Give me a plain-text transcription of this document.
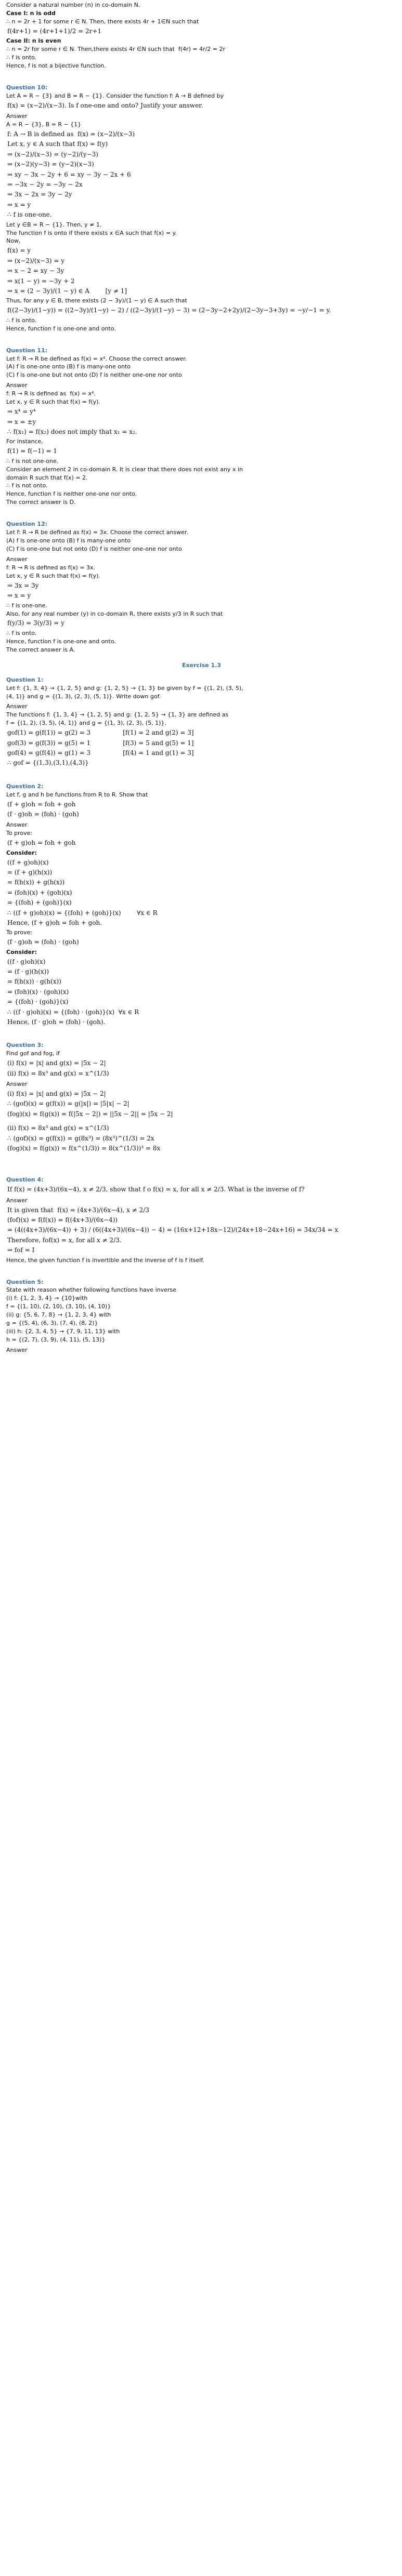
Consider a natural number (n) in co-domain N.

Case I: n is odd

∴ n = 2r + 1 for some r ∈ N. Then, there exists 4r + 1∈N such that

f(4r+1) = (4r+1+1)/2 = 2r+1

Case II: n is even

∴ n = 2r for some r ∈ N. Then,there exists 4r ∈N such that  f(4r) = 4r/2 = 2r

∴ f is onto.

Hence, f is not a bijective function.

Question 10:

Let A = R − {3} and B = R − {1}. Consider the function f: A → B defined by

f(x) = (x−2)/(x−3). Is f one-one and onto? Justify your answer.

Answer

A = R − {3}, B = R − {1}

f: A → B is defined as  f(x) = (x−2)/(x−3)

Let x, y ∈ A such that f(x) = f(y)

⇒ (x−2)/(x−3) = (y−2)/(y−3)

⇒ (x−2)(y−3) = (y−2)(x−3)

⇒ xy − 3x − 2y + 6 = xy − 3y − 2x + 6

⇒ −3x − 2y = −3y − 2x

⇒ 3x − 2x = 3y − 2y

⇒ x = y

∴ f is one-one.

Let y ∈B = R − {1}. Then, y ≠ 1.

The function f is onto if there exists x ∈A such that f(x) = y.

Now,

f(x) = y

⇒ (x−2)/(x−3) = y

⇒ x − 2 = xy − 3y

⇒ x(1 − y) = −3y + 2

⇒ x = (2 − 3y)/(1 − y) ∈ A        [y ≠ 1]

Thus, for any y ∈ B, there exists (2 − 3y)/(1 − y) ∈ A such that

f((2−3y)/(1−y)) = ((2−3y)/(1−y) − 2) / ((2−3y)/(1−y) − 3) = (2−3y−2+2y)/(2−3y−3+3y) = −y/−1 = y.

∴ f is onto.

Hence, function f is one-one and onto.

Question 11:

Let f: R → R be defined as f(x) = x⁴. Choose the correct answer.

(A) f is one-one onto (B) f is many-one onto

(C) f is one-one but not onto (D) f is neither one-one nor onto

Answer

f: R → R is defined as  f(x) = x⁴.

Let x, y ∈ R such that f(x) = f(y).

⇒ x⁴ = y⁴

⇒ x = ±y

∴ f(x₁) = f(x₂) does not imply that x₁ = x₂.

For instance,

f(1) = f(−1) = 1

∴ f is not one-one.

Consider an element 2 in co-domain R. It is clear that there does not exist any x in

domain R such that f(x) = 2.

∴ f is not onto.

Hence, function f is neither one-one nor onto.

The correct answer is D.

Question 12:

Let f: R → R be defined as f(x) = 3x. Choose the correct answer.

(A) f is one-one onto (B) f is many-one onto

(C) f is one-one but not onto (D) f is neither one-one nor onto

Answer

f: R → R is defined as f(x) = 3x.

Let x, y ∈ R such that f(x) = f(y).

⇒ 3x = 3y

⇒ x = y

∴ f is one-one.

Also, for any real number (y) in co-domain R, there exists y/3 in R such that

f(y/3) = 3(y/3) = y

∴ f is onto.

Hence, function f is one-one and onto.

The correct answer is A.

Exercise 1.3

Question 1:

Let f: {1, 3, 4} → {1, 2, 5} and g: {1, 2, 5} → {1, 3} be given by f = {(1, 2), (3, 5),

(4, 1)} and g = {(1, 3), (2, 3), (5, 1)}. Write down gof.

Answer

The functions f: {1, 3, 4} → {1, 2, 5} and g: {1, 2, 5} → {1, 3} are defined as

f = {(1, 2), (3, 5), (4, 1)} and g = {(1, 3), (2, 3), (5, 1)}.

gof(1) = g(f(1)) = g(2) = 3

gof(3) = g(f(3)) = g(5) = 1

gof(4) = g(f(4)) = g(1) = 3

∴ gof = {(1,3),(3,1),(4,3)}

[f(1) = 2 and g(2) = 3]

[f(3) = 5 and g(5) = 1]

[f(4) = 1 and g(1) = 3]

Question 2:

Let f, g and h be functions from R to R. Show that

(f + g)oh = foh + goh

(f · g)oh = (foh) · (goh)

Answer

To prove:

(f + g)oh = foh + goh

Consider:

((f + g)oh)(x)

= (f + g)(h(x))

= f(h(x)) + g(h(x))

= (foh)(x) + (goh)(x)

= {(foh) + (goh)}(x)

∴ ((f + g)oh)(x) = {(foh) + (goh)}(x)        ∀x ∈ R

Hence, (f + g)oh = foh + goh.

To prove:

(f · g)oh = (foh) · (goh)

Consider:

((f · g)oh)(x)

= (f · g)(h(x))

= f(h(x)) · g(h(x))

= (foh)(x) · (goh)(x)

= {(foh) · (goh)}(x)

∴ ((f · g)oh)(x) = {(foh) · (goh)}(x)  ∀x ∈ R

Hence, (f · g)oh = (foh) · (goh).

Question 3:

Find gof and fog, if

(i) f(x) = |x| and g(x) = |5x − 2|

(ii) f(x) = 8x³ and g(x) = x^(1/3)

Answer

(i) f(x) = |x| and g(x) = |5x − 2|

∴ (gof)(x) = g(f(x)) = g(|x|) = |5|x| − 2|

(fog)(x) = f(g(x)) = f(|5x − 2|) = ||5x − 2|| = |5x − 2|

(ii) f(x) = 8x³ and g(x) = x^(1/3)

∴ (gof)(x) = g(f(x)) = g(8x³) = (8x³)^(1/3) = 2x

(fog)(x) = f(g(x)) = f(x^(1/3)) = 8(x^(1/3))³ = 8x

Question 4:

If f(x) = (4x+3)/(6x−4), x ≠ 2/3, show that f o f(x) = x, for all x ≠ 2/3. What is the inverse of f?

Answer

It is given that  f(x) = (4x+3)/(6x−4), x ≠ 2/3

(fof)(x) = f(f(x)) = f((4x+3)/(6x−4))

= (4((4x+3)/(6x−4)) + 3) / (6((4x+3)/(6x−4)) − 4) = (16x+12+18x−12)/(24x+18−24x+16) = 34x/34 = x

Therefore, fof(x) = x, for all x ≠ 2/3.

⇒ fof = I

Hence, the given function f is invertible and the inverse of f is f itself.

Question 5:

State with reason whether following functions have inverse

(i) f: {1, 2, 3, 4} → {10}with

f = {(1, 10), (2, 10), (3, 10), (4, 10)}

(ii) g: {5, 6, 7, 8} → {1, 2, 3, 4} with

g = {(5, 4), (6, 3), (7, 4), (8, 2)}

(iii) h: {2, 3, 4, 5} → {7, 9, 11, 13} with

h = {(2, 7), (3, 9), (4, 11), (5, 13)}

Answer
